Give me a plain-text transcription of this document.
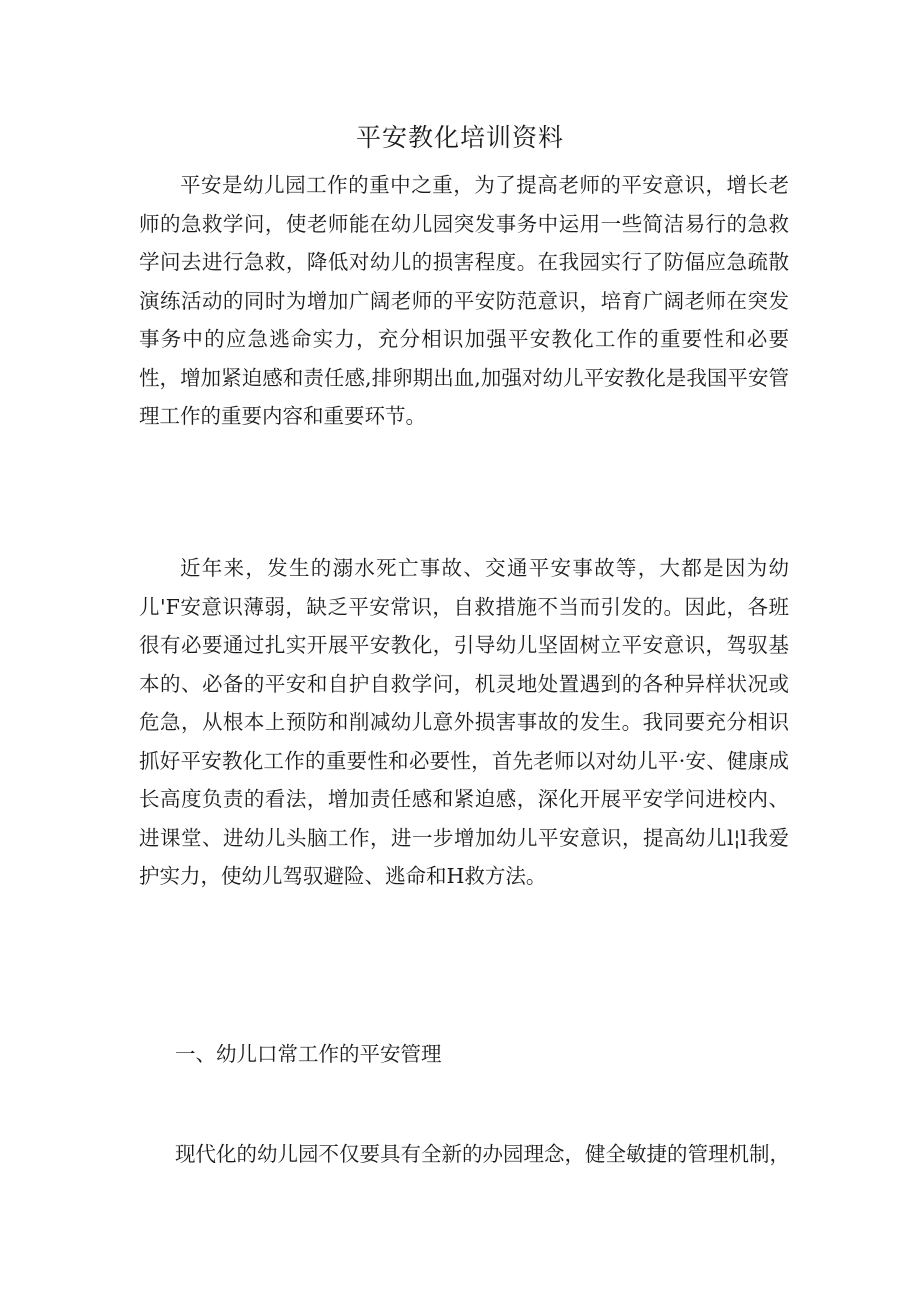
平安教化培训资料

平安是幼儿园工作的重中之重，为了提高老师的平安意识，增长老师的急救学问，使老师能在幼儿园突发事务中运用一些简洁易行的急救学问去进行急救，降低对幼儿的损害程度。在我园实行了防偪应急疏散演练活动的同时为增加广阔老师的平安防范意识，培育广阔老师在突发事务中的应急逃命实力，充分相识加强平安教化工作的重要性和必要性，增加紧迫感和责任感,排卵期出血,加强对幼儿平安教化是我国平安管理工作的重要内容和重要环节。

近年来，发生的溺水死亡事故、交通平安事故等，大都是因为幼儿'F安意识薄弱，缺乏平安常识，自救措施不当而引发的。因此，各班很有必要通过扎实开展平安教化，引导幼儿坚固树立平安意识，驾驭基本的、必备的平安和自护自救学问，机灵地处置遇到的各种异样状况或危急，从根本上预防和削减幼儿意外损害事故的发生。我同要充分相识抓好平安教化工作的重要性和必要性，首先老师以对幼儿平·安、健康成长高度负责的看法，增加责任感和紧迫感，深化开展平安学问进校内、进课堂、进幼儿头脑工作，进一步增加幼儿平安意识，提高幼儿l¦l我爱护实力，使幼儿驾驭避险、逃命和H救方法。

一、幼儿口常工作的平安管理
现代化的幼儿园不仅要具有全新的办园理念，健全敏捷的管理机制，
